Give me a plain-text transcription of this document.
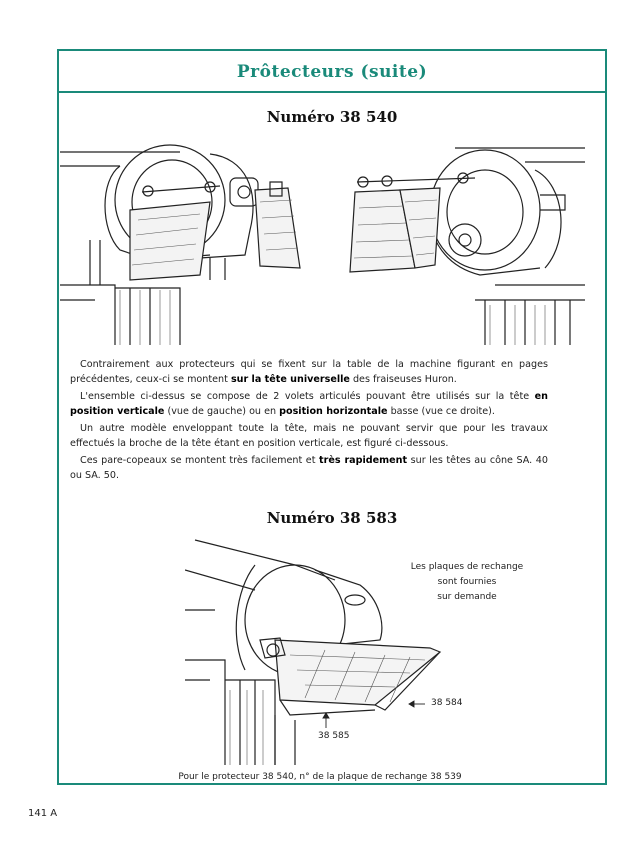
Prôtecteurs (suite)
Numéro 38 540
Numéro 38 583

Contrairement aux protecteurs qui se fixent sur la table de la machine figurant en pages précédentes, ceux-ci se montent sur la tête universelle des fraiseuses Huron.

L'ensemble ci-dessus se compose de 2 volets articulés pouvant être utilisés sur la tête en position verticale (vue de gauche) ou en position horizontale basse (vue ce droite).

Un autre modèle enveloppant toute la tête, mais ne pouvant servir que pour les travaux effectués la broche de la tête étant en position verticale, est figuré ci-dessous.

Ces pare-copeaux se montent très facilement et très rapidement sur les têtes au cône SA. 40 ou SA. 50.

Les plaques de rechange
sont fournies
sur demande
38 584
38 585
Pour le protecteur 38 540, n° de la plaque de rechange 38 539
141 A
